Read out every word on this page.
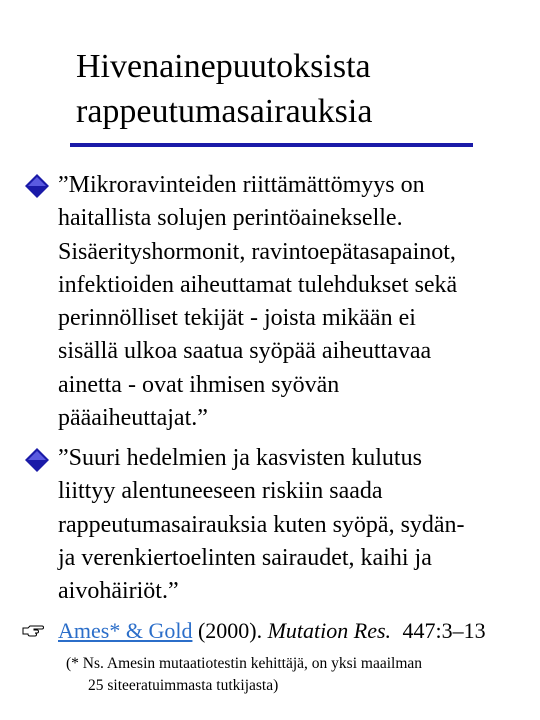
Hivenainepuutoksista
rappeutumasairauksia
”Mikroravinteiden riittämättömyys on
haitallista solujen perintöainekselle.
Sisäerityshormonit, ravintoepätasapainot,
infektioiden aiheuttamat tulehdukset sekä
perinnölliset tekijät - joista mikään ei
sisällä ulkoa saatua syöpää aiheuttavaa
ainetta - ovat ihmisen syövän
pääaiheuttajat.”
”Suuri hedelmien ja kasvisten kulutus
liittyy alentuneeseen riskiin saada
rappeutumasairauksia kuten syöpä, sydän-
ja verenkiertoelinten sairaudet, kaihi ja
aivohäiriöt.”
Ames* & Gold (2000). Mutation Res. 447:3–13
(* Ns. Amesin mutaatiotestin kehittäjä, on yksi maailman
25 siteeratuimmasta tutkijasta)
